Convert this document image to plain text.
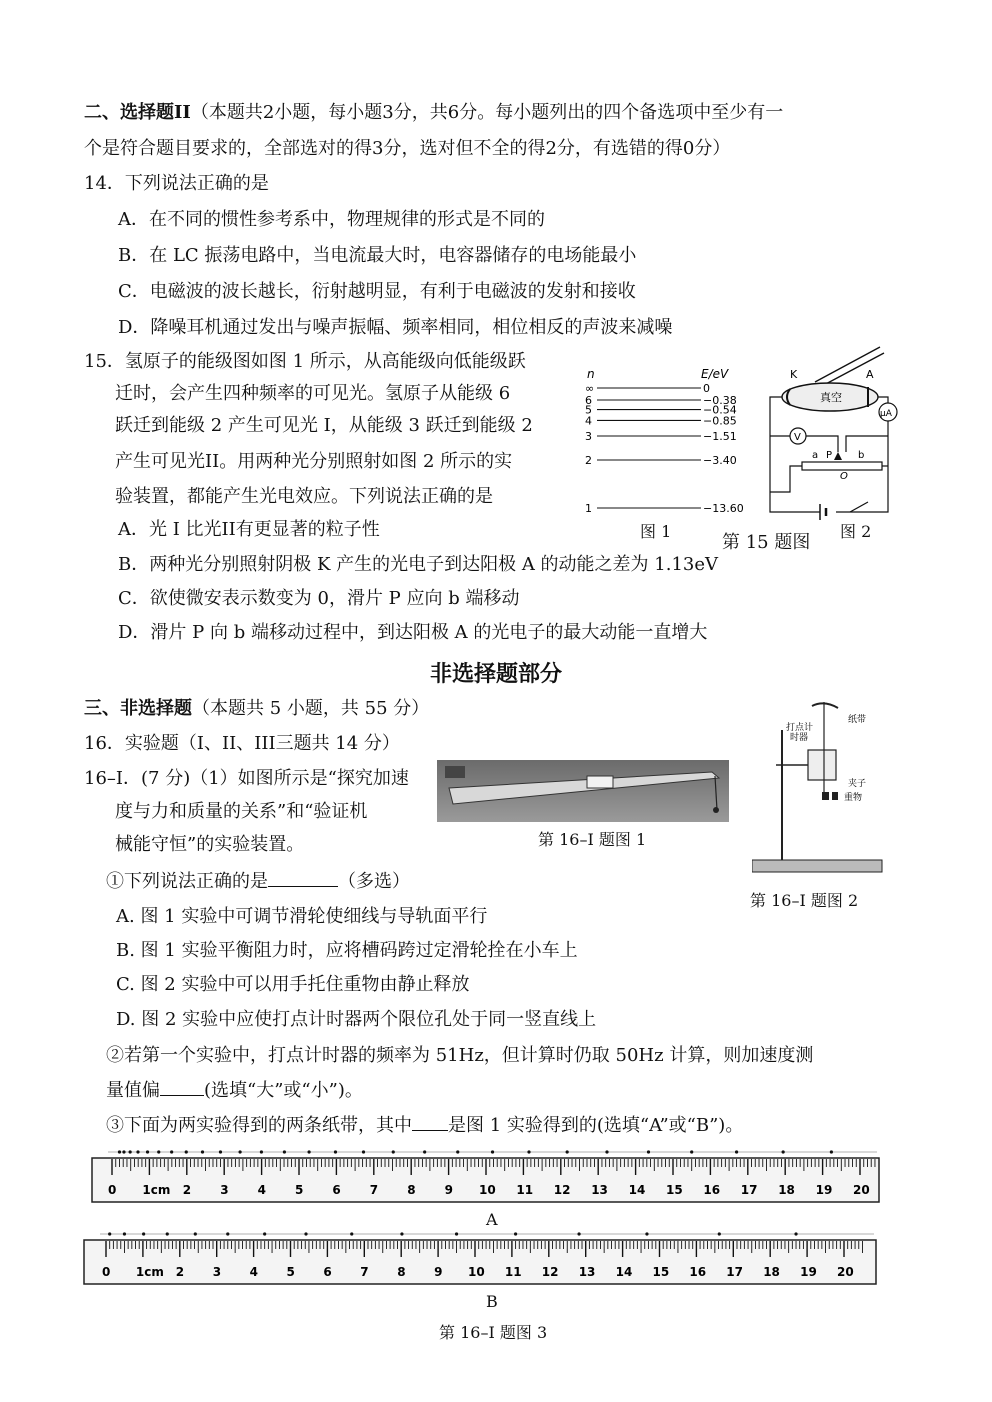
二、选择题II（本题共2小题，每小题3分，共6分。每小题列出的四个备选项中至少有一
个是符合题目要求的，全部选对的得3分，选对但不全的得2分，有选错的得0分）
14．下列说法正确的是
A．在不同的惯性参考系中，物理规律的形式是不同的
B．在 LC 振荡电路中，当电流最大时，电容器储存的电场能最小
C．电磁波的波长越长，衍射越明显，有利于电磁波的发射和接收
D．降噪耳机通过发出与噪声振幅、频率相同，相位相反的声波来减噪
15．氢原子的能级图如图 1 所示，从高能级向低能级跃
迁时，会产生四种频率的可见光。氢原子从能级 6
跃迁到能级 2 产生可见光 I，从能级 3 跃迁到能级 2
产生可见光II。用两种光分别照射如图 2 所示的实
验装置，都能产生光电效应。下列说法正确的是
A．光 I 比光II有更显著的粒子性
B．两种光分别照射阴极 K 产生的光电子到达阳极 A 的动能之差为 1.13eV
C．欲使微安表示数变为 0，滑片 P 应向 b 端移动
D．滑片 P 向 b 端移动过程中，到达阳极 A 的光电子的最大动能一直增大
n	E/eV
∞	0
6	−0.38
5	−0.54
4	−0.85
3	−1.51
2	−3.40
1	−13.60
图 1
第 15 题图
图 2
K	A
真空
μA
V
a P	b
O
非选择题部分
三、非选择题（本题共 5 小题，共 55 分）
16．实验题（I、II、III三题共 14 分）
16–I．(7 分)（1）如图所示是“探究加速
度与力和质量的关系”和“验证机
械能守恒”的实验装置。	第 16–I 题图 1
打点计
时器
纸带
夹子
重物
第 16–I 题图 2
①下列说法正确的是	（多选）
A. 图 1 实验中可调节滑轮使细线与导轨面平行
B. 图 1 实验平衡阻力时，应将槽码跨过定滑轮拴在小车上
C. 图 2 实验中可以用手托住重物由静止释放
D. 图 2 实验中应使打点计时器两个限位孔处于同一竖直线上
②若第一个实验中，打点计时器的频率为 51Hz，但计算时仍取 50Hz 计算，则加速度测
量值偏 (选填“大”或“小”)。
③下面为两实验得到的两条纸带，其中 是图 1 实验得到的(选填“A”或“B”)。
0 1cm 2 3 4 5 6 7 8 9 10 11 12 13 14 15 16 17 18 19 20
A
0 1cm 2 3 4 5 6 7 8 9 10 11 12 13 14 15 16 17 18 19 20
B
第 16–I 题图 3
